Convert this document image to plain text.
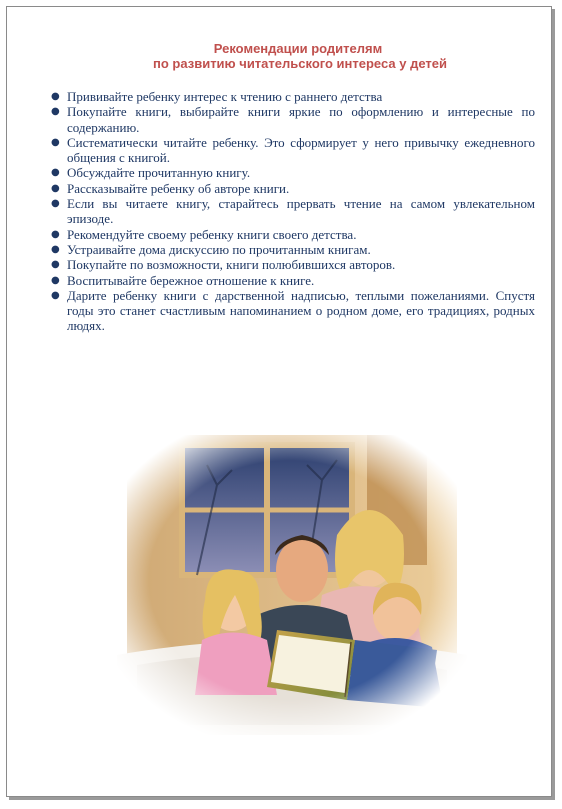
Рекомендации родителям
по развитию читательского интереса у детей
● Прививайте ребенку интерес к чтению с раннего детства
● Покупайте книги, выбирайте книги яркие по оформлению и интересные по содержанию.
● Систематически читайте ребенку. Это сформирует у него привычку ежедневного общения с книгой.
● Обсуждайте прочитанную книгу.
● Рассказывайте ребенку об авторе книги.
● Если вы читаете книгу, старайтесь прервать чтение на самом увлекательном эпизоде.
● Рекомендуйте своему ребенку книги своего детства.
● Устраивайте дома дискуссию по прочитанным книгам.
● Покупайте по возможности, книги полюбившихся авторов.
● Воспитывайте бережное отношение к книге.
● Дарите ребенку книги с дарственной надписью, теплыми пожеланиями. Спустя годы это станет счастливым напоминанием о родном доме, его традициях, родных людях.
